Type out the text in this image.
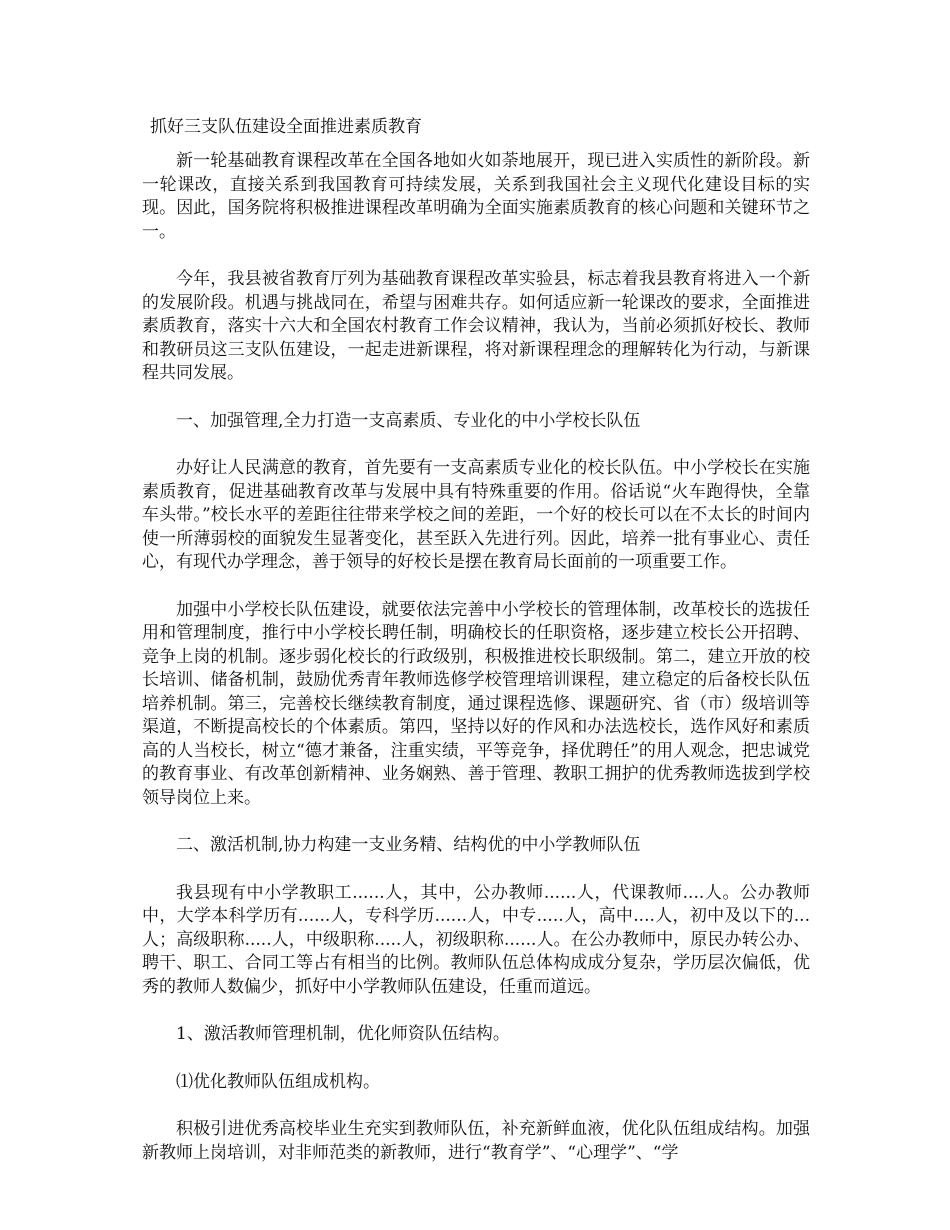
抓好三支队伍建设全面推进素质教育

新一轮基础教育课程改革在全国各地如火如荼地展开，现已进入实质性的新阶段。新一轮课改，直接关系到我国教育可持续发展，关系到我国社会主义现代化建设目标的实现。因此，国务院将积极推进课程改革明确为全面实施素质教育的核心问题和关键环节之一。

今年，我县被省教育厅列为基础教育课程改革实验县，标志着我县教育将进入一个新的发展阶段。机遇与挑战同在，希望与困难共存。如何适应新一轮课改的要求，全面推进素质教育，落实十六大和全国农村教育工作会议精神，我认为，当前必须抓好校长、教师和教研员这三支队伍建设，一起走进新课程，将对新课程理念的理解转化为行动，与新课程共同发展。

一、加强管理,全力打造一支高素质、专业化的中小学校长队伍

办好让人民满意的教育，首先要有一支高素质专业化的校长队伍。中小学校长在实施素质教育，促进基础教育改革与发展中具有特殊重要的作用。俗话说“火车跑得快，全靠车头带。”校长水平的差距往往带来学校之间的差距，一个好的校长可以在不太长的时间内使一所薄弱校的面貌发生显著变化，甚至跃入先进行列。因此，培养一批有事业心、责任心，有现代办学理念，善于领导的好校长是摆在教育局长面前的一项重要工作。

加强中小学校长队伍建设，就要依法完善中小学校长的管理体制，改革校长的选拔任用和管理制度，推行中小学校长聘任制，明确校长的任职资格，逐步建立校长公开招聘、竞争上岗的机制。逐步弱化校长的行政级别，积极推进校长职级制。第二，建立开放的校长培训、储备机制，鼓励优秀青年教师选修学校管理培训课程，建立稳定的后备校长队伍培养机制。第三，完善校长继续教育制度，通过课程选修、课题研究、省（市）级培训等渠道，不断提高校长的个体素质。第四，坚持以好的作风和办法选校长，选作风好和素质高的人当校长，树立“德才兼备，注重实绩，平等竞争，择优聘任”的用人观念，把忠诚党的教育事业、有改革创新精神、业务娴熟、善于管理、教职工拥护的优秀教师选拔到学校领导岗位上来。

二、激活机制,协力构建一支业务精、结构优的中小学教师队伍

我县现有中小学教职工......人，其中，公办教师......人，代课教师....人。公办教师中，大学本科学历有......人，专科学历......人，中专.....人，高中....人，初中及以下的...人；高级职称.....人，中级职称.....人，初级职称......人。在公办教师中，原民办转公办、聘干、职工、合同工等占有相当的比例。教师队伍总体构成成分复杂，学历层次偏低，优秀的教师人数偏少，抓好中小学教师队伍建设，任重而道远。

1、激活教师管理机制，优化师资队伍结构。

⑴优化教师队伍组成机构。

积极引进优秀高校毕业生充实到教师队伍，补充新鲜血液，优化队伍组成结构。加强新教师上岗培训，对非师范类的新教师，进行“教育学”、“心理学”、“学
